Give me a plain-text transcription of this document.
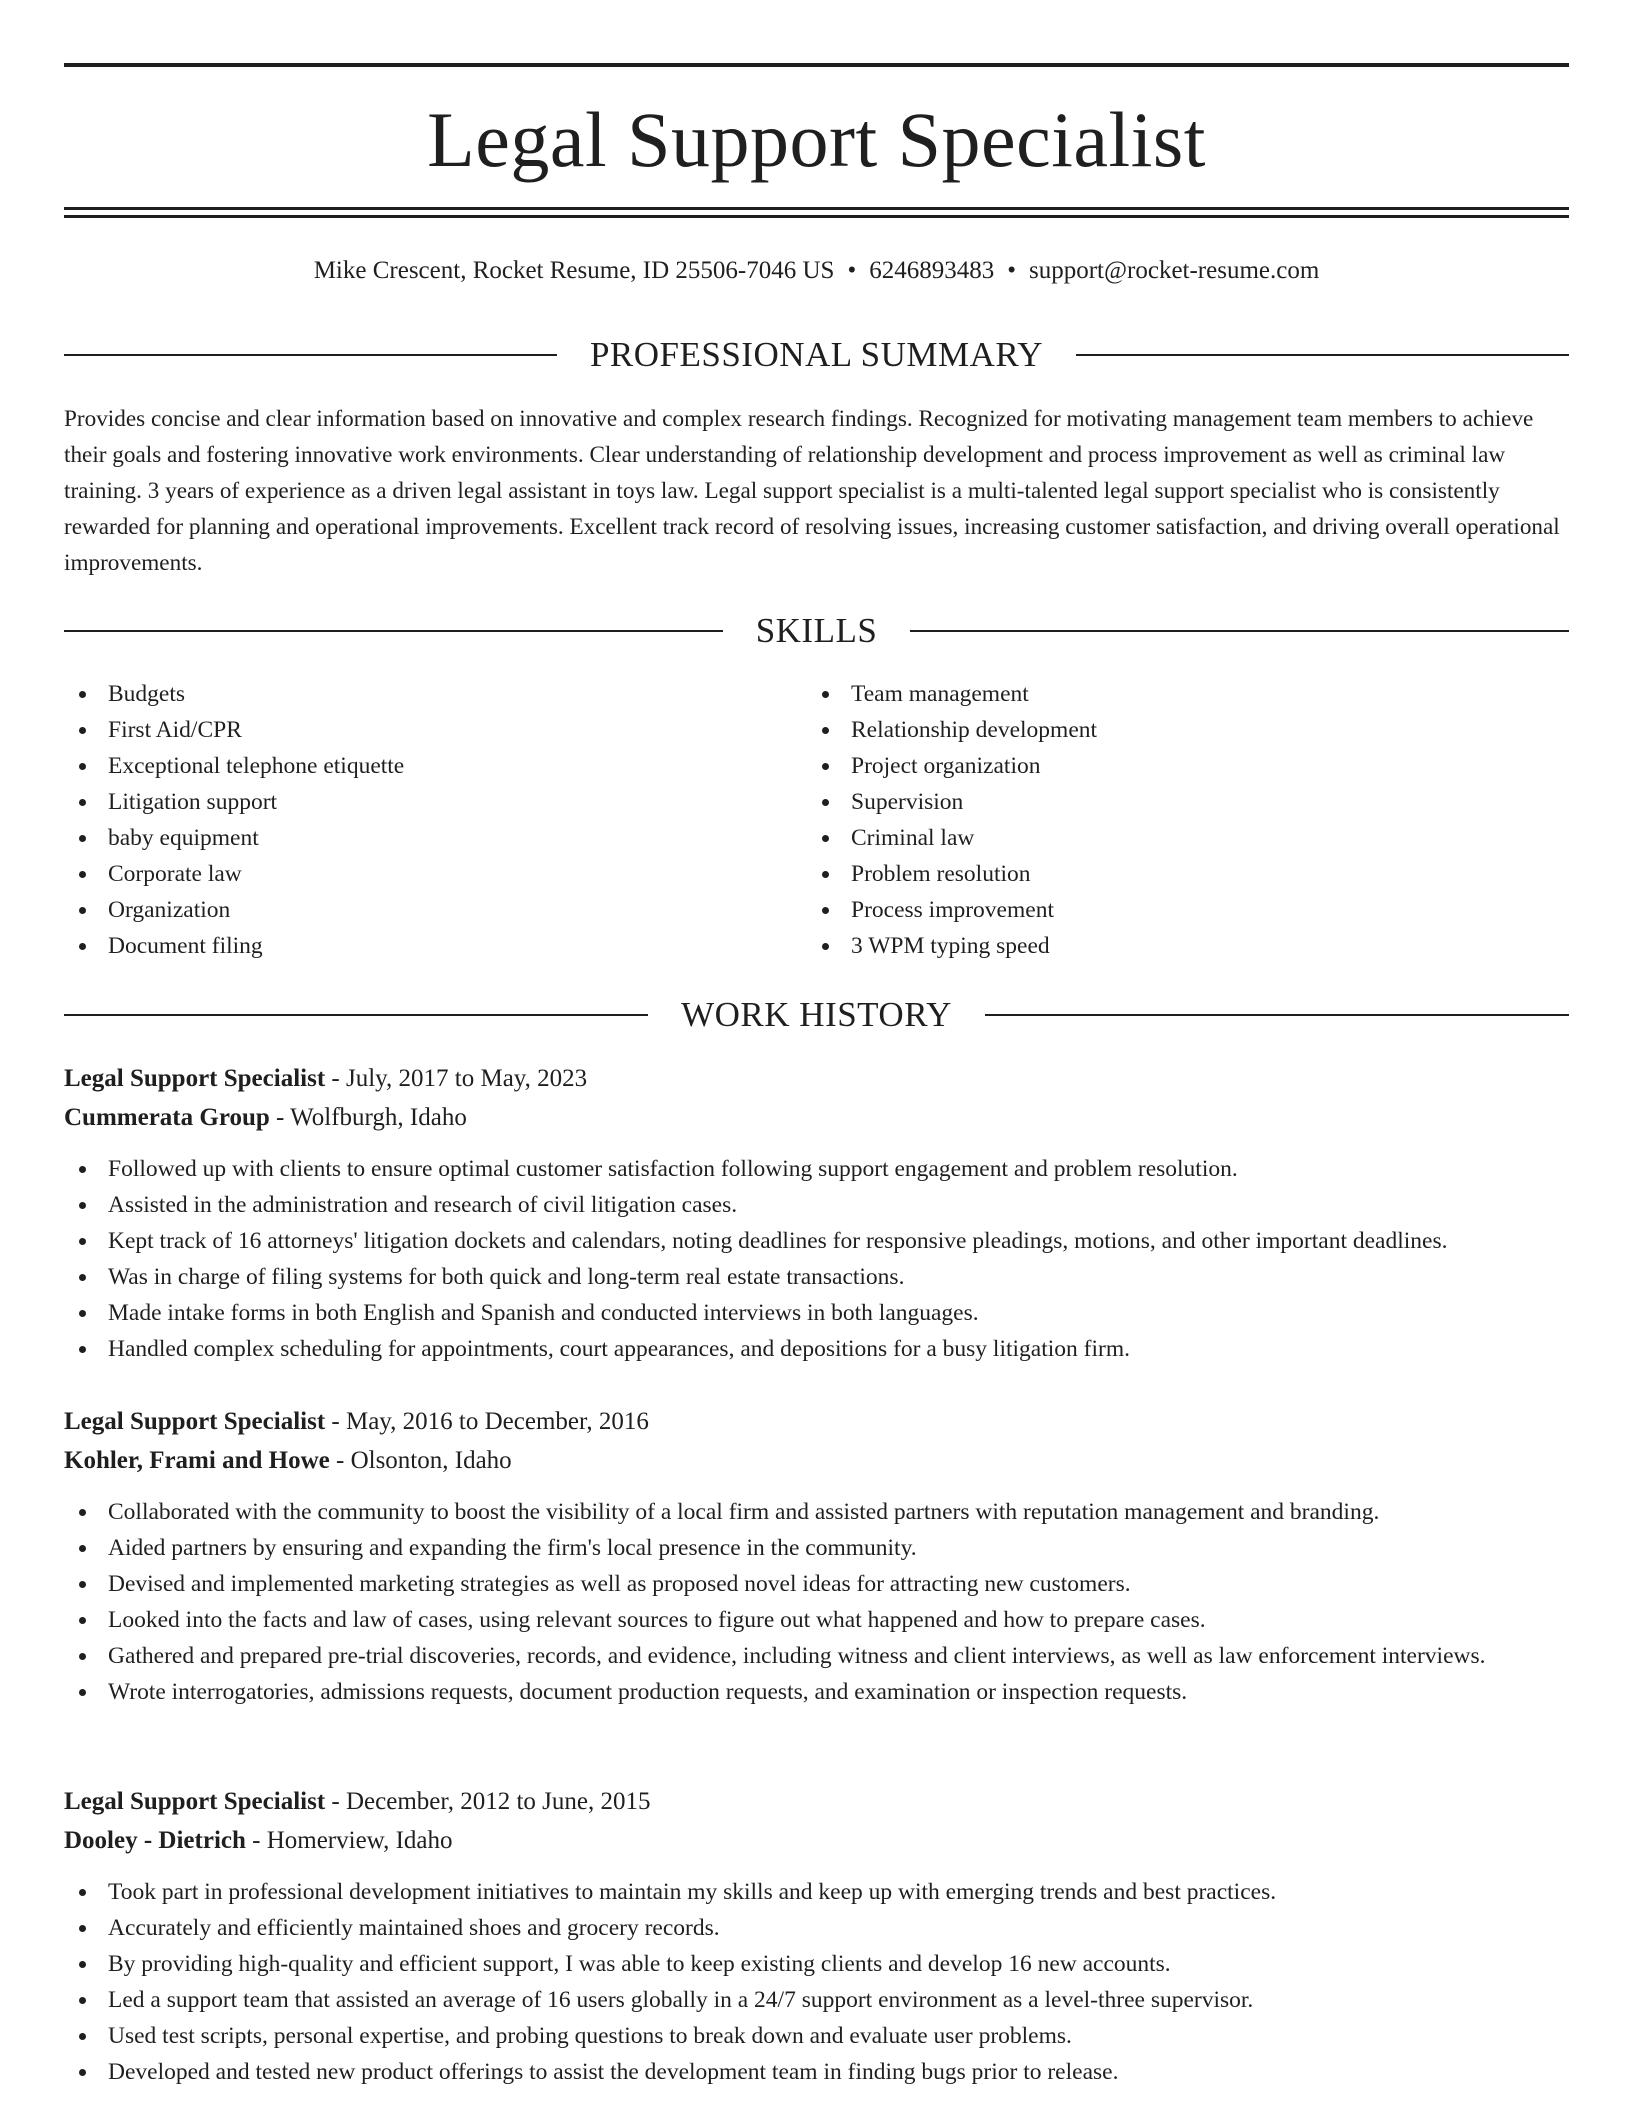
Legal Support Specialist
Mike Crescent, Rocket Resume, ID 25506-7046 US • 6246893483 • support@rocket-resume.com
PROFESSIONAL SUMMARY

Provides concise and clear information based on innovative and complex research findings. Recognized for motivating management team members to achieve their goals and fostering innovative work environments. Clear understanding of relationship development and process improvement as well as criminal law training. 3 years of experience as a driven legal assistant in toys law. Legal support specialist is a multi-talented legal support specialist who is consistently rewarded for planning and operational improvements. Excellent track record of resolving issues, increasing customer satisfaction, and driving overall operational improvements.

SKILLS
Budgets
First Aid/CPR
Exceptional telephone etiquette
Litigation support
baby equipment
Corporate law
Organization
Document filing
Team management
Relationship development
Project organization
Supervision
Criminal law
Problem resolution
Process improvement
3 WPM typing speed
WORK HISTORY
Legal Support Specialist - July, 2017 to May, 2023
Cummerata Group - Wolfburgh, Idaho
Followed up with clients to ensure optimal customer satisfaction following support engagement and problem resolution.
Assisted in the administration and research of civil litigation cases.
Kept track of 16 attorneys' litigation dockets and calendars, noting deadlines for responsive pleadings, motions, and other important deadlines.
Was in charge of filing systems for both quick and long-term real estate transactions.
Made intake forms in both English and Spanish and conducted interviews in both languages.
Handled complex scheduling for appointments, court appearances, and depositions for a busy litigation firm.
Legal Support Specialist - May, 2016 to December, 2016
Kohler, Frami and Howe - Olsonton, Idaho
Collaborated with the community to boost the visibility of a local firm and assisted partners with reputation management and branding.
Aided partners by ensuring and expanding the firm's local presence in the community.
Devised and implemented marketing strategies as well as proposed novel ideas for attracting new customers.
Looked into the facts and law of cases, using relevant sources to figure out what happened and how to prepare cases.
Gathered and prepared pre-trial discoveries, records, and evidence, including witness and client interviews, as well as law enforcement interviews.
Wrote interrogatories, admissions requests, document production requests, and examination or inspection requests.
Legal Support Specialist - December, 2012 to June, 2015
Dooley - Dietrich - Homerview, Idaho
Took part in professional development initiatives to maintain my skills and keep up with emerging trends and best practices.
Accurately and efficiently maintained shoes and grocery records.
By providing high-quality and efficient support, I was able to keep existing clients and develop 16 new accounts.
Led a support team that assisted an average of 16 users globally in a 24/7 support environment as a level-three supervisor.
Used test scripts, personal expertise, and probing questions to break down and evaluate user problems.
Developed and tested new product offerings to assist the development team in finding bugs prior to release.
